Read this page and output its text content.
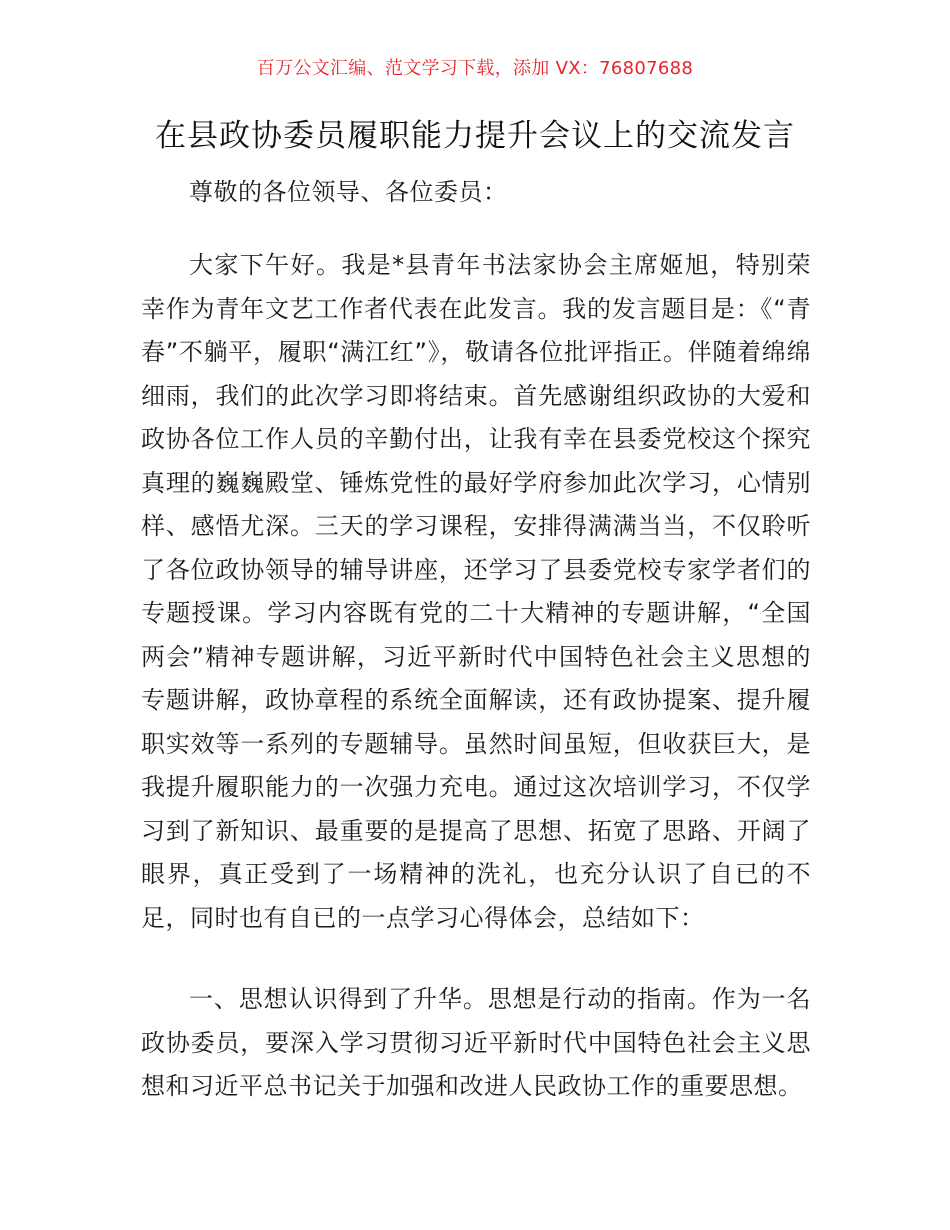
百万公文汇编、范文学习下载，添加 VX：76807688
在县政协委员履职能力提升会议上的交流发言
尊敬的各位领导、各位委员：
大家下午好。我是*县青年书法家协会主席姬旭，特别荣幸作为青年文艺工作者代表在此发言。我的发言题目是：《“青春”不躺平，履职“满江红”》，敬请各位批评指正。伴随着绵绵细雨，我们的此次学习即将结束。首先感谢组织政协的大爱和政协各位工作人员的辛勤付出，让我有幸在县委党校这个探究真理的巍巍殿堂、锤炼党性的最好学府参加此次学习，心情别样、感悟尤深。三天的学习课程，安排得满满当当，不仅聆听了各位政协领导的辅导讲座，还学习了县委党校专家学者们的专题授课。学习内容既有党的二十大精神的专题讲解，“全国两会”精神专题讲解，习近平新时代中国特色社会主义思想的专题讲解，政协章程的系统全面解读，还有政协提案、提升履职实效等一系列的专题辅导。虽然时间虽短，但收获巨大，是我提升履职能力的一次强力充电。通过这次培训学习，不仅学习到了新知识、最重要的是提高了思想、拓宽了思路、开阔了眼界，真正受到了一场精神的洗礼，也充分认识了自已的不足，同时也有自已的一点学习心得体会，总结如下：
一、思想认识得到了升华。思想是行动的指南。作为一名政协委员，要深入学习贯彻习近平新时代中国特色社会主义思想和习近平总书记关于加强和改进人民政协工作的重要思想。
